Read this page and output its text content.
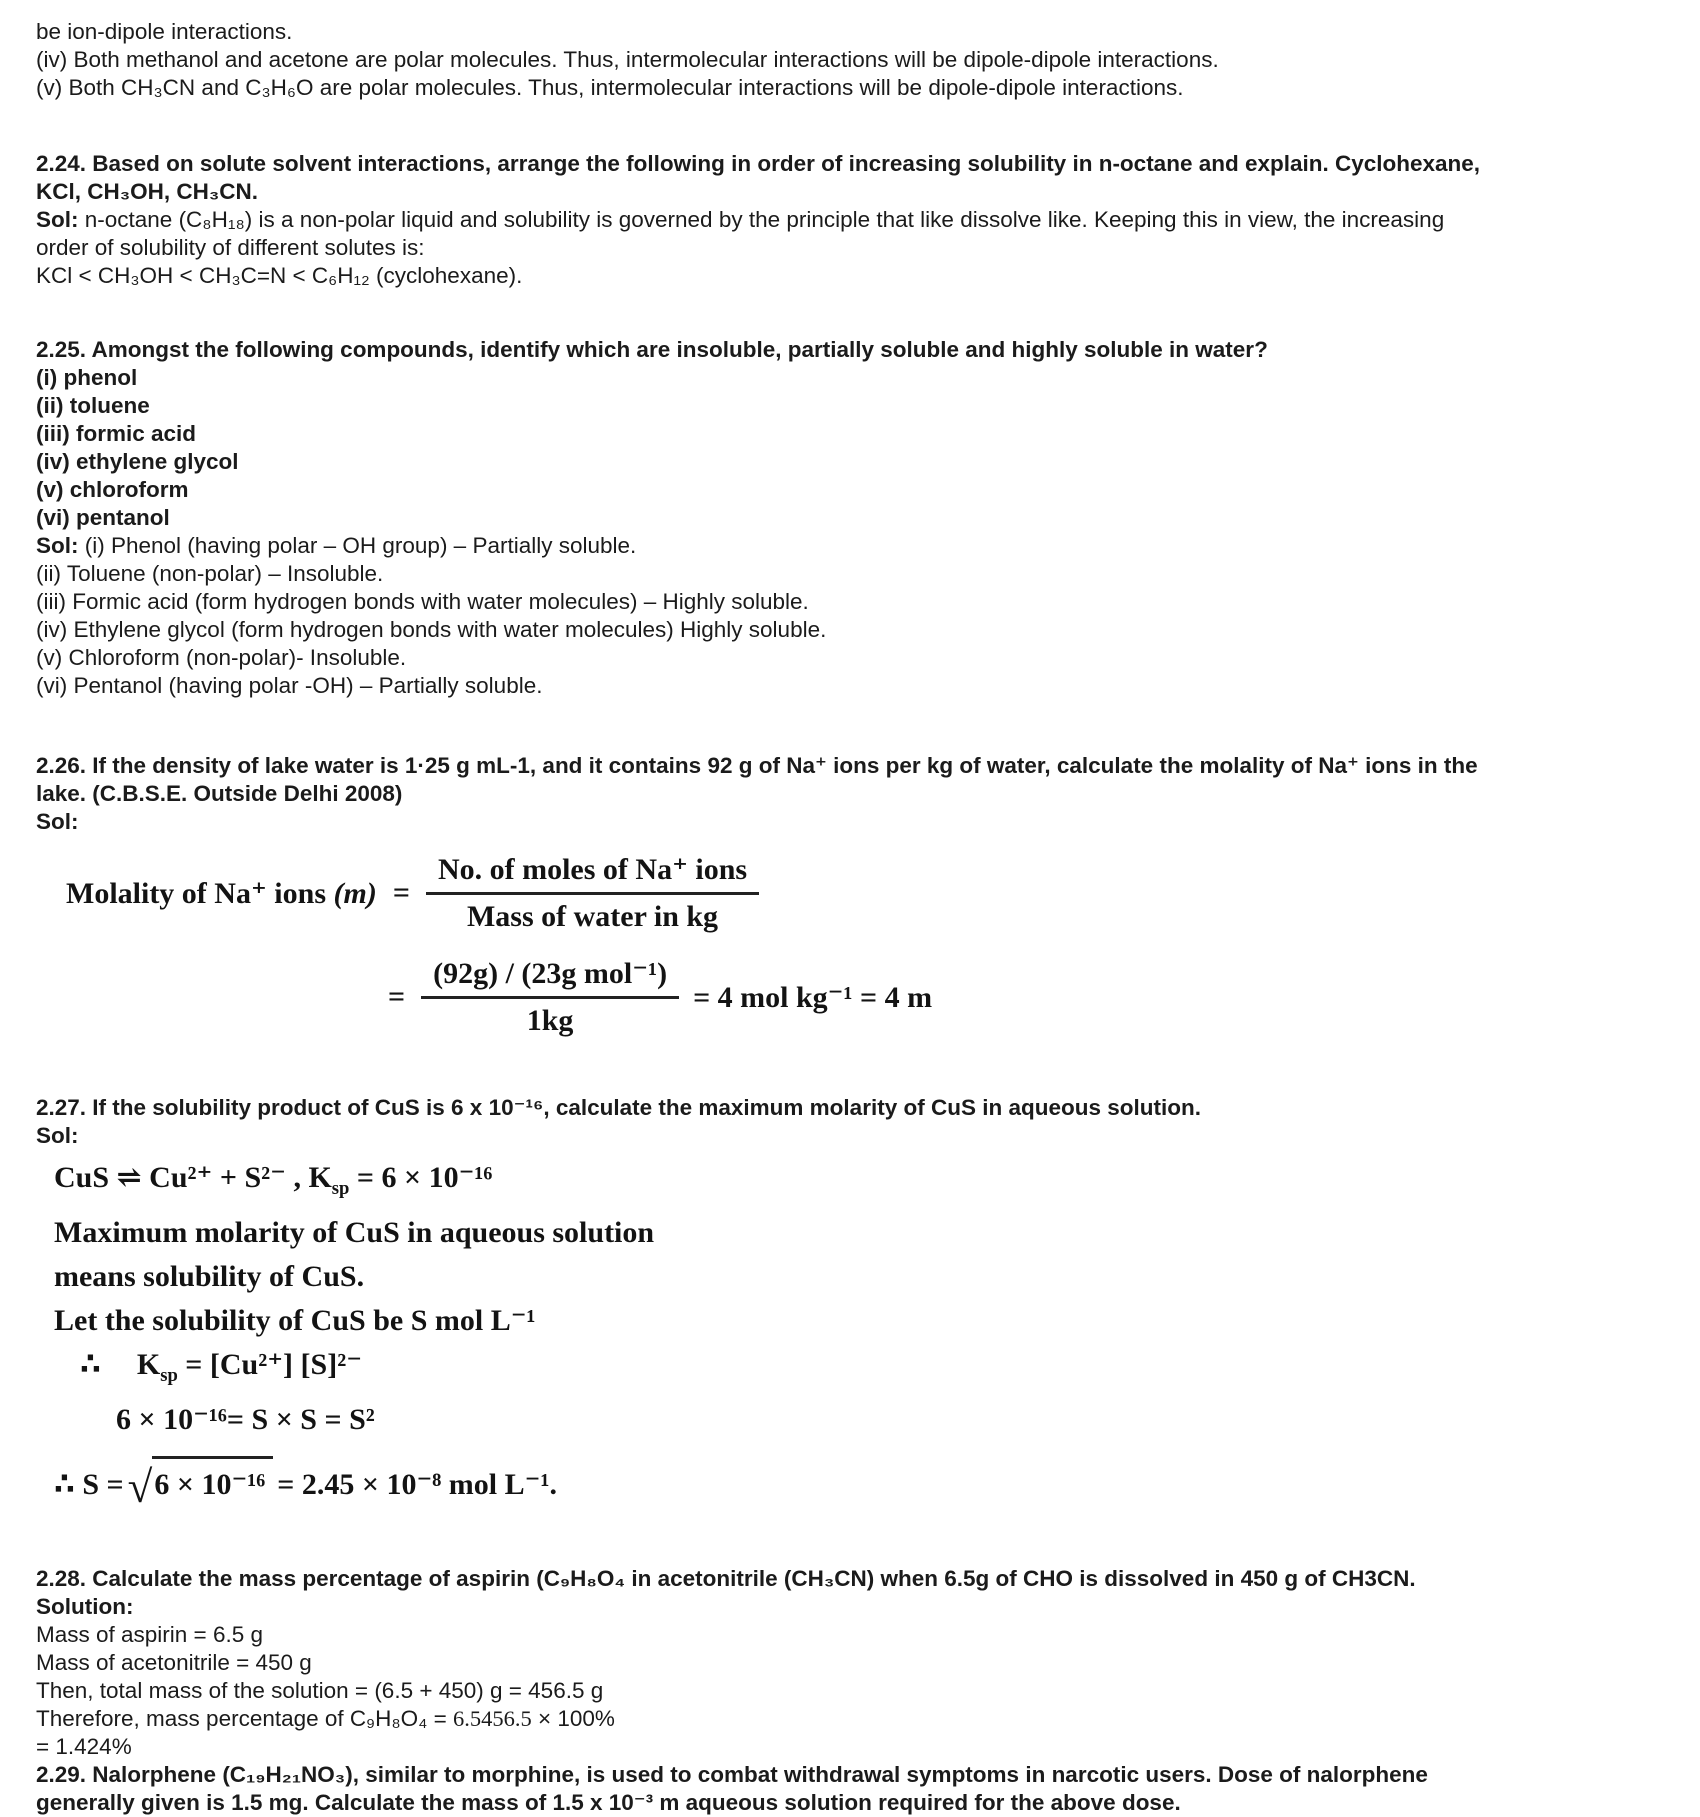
be ion-dipole interactions.
(iv) Both methanol and acetone are polar molecules. Thus, intermolecular interactions will be dipole-dipole interactions.
(v) Both CH₃CN and C₃H₆O are polar molecules. Thus, intermolecular interactions will be dipole-dipole interactions.

2.24. Based on solute solvent interactions, arrange the following in order of increasing solubility in n-octane and explain. Cyclohexane,
KCl, CH₃OH, CH₃CN.
Sol: n-octane (C₈H₁₈) is a non-polar liquid and solubility is governed by the principle that like dissolve like. Keeping this in view, the increasing
order of solubility of different solutes is:
KCl < CH₃OH < CH₃C=N < C₆H₁₂ (cyclohexane).

2.25. Amongst the following compounds, identify which are insoluble, partially soluble and highly soluble in water?
(i) phenol
(ii) toluene
(iii) formic acid
(iv) ethylene glycol
(v) chloroform
(vi) pentanol
Sol: (i) Phenol (having polar – OH group) – Partially soluble.
(ii) Toluene (non-polar) – Insoluble.
(iii) Formic acid (form hydrogen bonds with water molecules) – Highly soluble.
(iv) Ethylene glycol (form hydrogen bonds with water molecules) Highly soluble.
(v) Chloroform (non-polar)- Insoluble.
(vi) Pentanol (having polar -OH) – Partially soluble.

2.26. If the density of lake water is 1·25 g mL-1, and it contains 92 g of Na⁺ ions per kg of water, calculate the molality of Na⁺ ions in the
lake. (C.B.S.E. Outside Delhi 2008)
Sol:

Molality of Na⁺ ions $(m) = \frac{\text{No. of moles of Na⁺ ions}}{\text{Mass of water in kg}}$
= $\frac{\text{(92g) / (23g mol⁻¹)}}{1kg} = 4$ mol kg⁻¹ = 4 m

2.27. If the solubility product of CuS is 6 x 10⁻¹⁶, calculate the maximum molarity of CuS in aqueous solution.
Sol:

CuS ⇌ Cu²⁺ + S²⁻ , $K_{sp} = 6 \times 10^{-16}$
Maximum molarity of CuS in aqueous solution
means solubility of CuS.
Let the solubility of CuS be S mol L⁻¹
∴ $K_{sp} = [Cu^{2+}]$ [S]²⁻
6 × 10⁻¹⁶= S × S = S²
∴ S = √ 6 × 10⁻¹⁶ = 2.45 × 10⁻⁸ mol L⁻¹.

2.28. Calculate the mass percentage of aspirin (C₉H₈O₄ in acetonitrile (CH₃CN) when 6.5g of CHO is dissolved in 450 g of CH3CN.
Solution:
Mass of aspirin = 6.5 g
Mass of acetonitrile = 450 g
Then, total mass of the solution = (6.5 + 450) g = 456.5 g
Therefore, mass percentage of C₉H₈O₄ = 6.5456.5 × 100%
= 1.424%

2.29. Nalorphene (C₁₉H₂₁NO₃), similar to morphine, is used to combat withdrawal symptoms in narcotic users. Dose of nalorphene
generally given is 1.5 mg. Calculate the mass of 1.5 x 10⁻³ m aqueous solution required for the above dose.
